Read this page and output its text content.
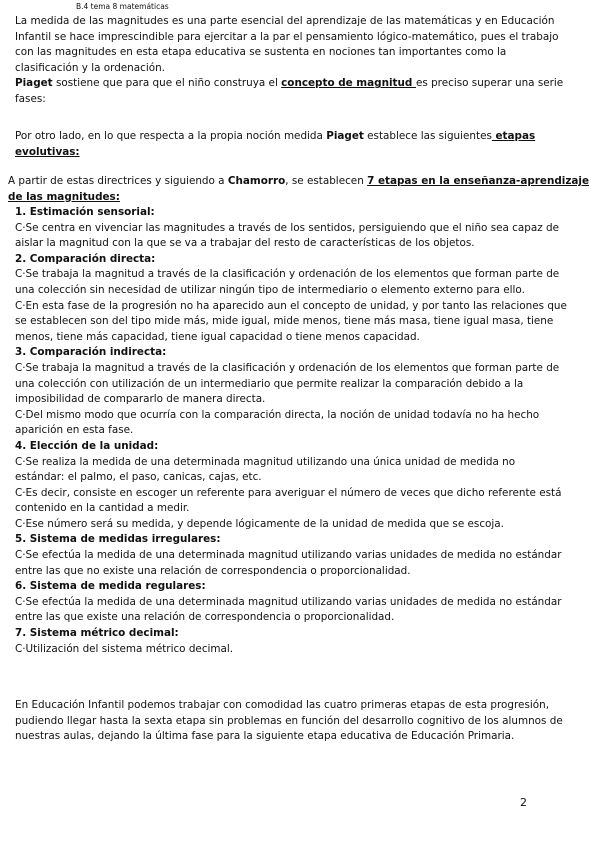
B.4 tema 8 matemáticas
La medida de las magnitudes es una parte esencial del aprendizaje de las matemáticas y en Educación
Infantil se hace imprescindible para ejercitar a la par el pensamiento lógico-matemático, pues el trabajo
con las magnitudes en esta etapa educativa se sustenta en nociones tan importantes como la
clasificación y la ordenación.
Piaget sostiene que para que el niño construya el concepto de magnitud es preciso superar una serie
fases:
Por otro lado, en lo que respecta a la propia noción medida Piaget establece las siguientes etapas
evolutivas:
A partir de estas directrices y siguiendo a Chamorro, se establecen 7 etapas en la enseñanza-aprendizaje
de las magnitudes:
1. Estimación sensorial:
C·Se centra en vivenciar las magnitudes a través de los sentidos, persiguiendo que el niño sea capaz de
aislar la magnitud con la que se va a trabajar del resto de características de los objetos.
2. Comparación directa:
C·Se trabaja la magnitud a través de la clasificación y ordenación de los elementos que forman parte de
una colección sin necesidad de utilizar ningún tipo de intermediario o elemento externo para ello.
C·En esta fase de la progresión no ha aparecido aun el concepto de unidad, y por tanto las relaciones que
se establecen son del tipo mide más, mide igual, mide menos, tiene más masa, tiene igual masa, tiene
menos, tiene más capacidad, tiene igual capacidad o tiene menos capacidad.
3. Comparación indirecta:
C·Se trabaja la magnitud a través de la clasificación y ordenación de los elementos que forman parte de
una colección con utilización de un intermediario que permite realizar la comparación debido a la
imposibilidad de compararlo de manera directa.
C·Del mismo modo que ocurría con la comparación directa, la noción de unidad todavía no ha hecho
aparición en esta fase.
4. Elección de la unidad:
C·Se realiza la medida de una determinada magnitud utilizando una única unidad de medida no
estándar: el palmo, el paso, canicas, cajas, etc.
C·Es decir, consiste en escoger un referente para averiguar el número de veces que dicho referente está
contenido en la cantidad a medir.
C·Ese número será su medida, y depende lógicamente de la unidad de medida que se escoja.
5. Sistema de medidas irregulares:
C·Se efectúa la medida de una determinada magnitud utilizando varias unidades de medida no estándar
entre las que no existe una relación de correspondencia o proporcionalidad.
6. Sistema de medida regulares:
C·Se efectúa la medida de una determinada magnitud utilizando varias unidades de medida no estándar
entre las que existe una relación de correspondencia o proporcionalidad.
7. Sistema métrico decimal:
C·Utilización del sistema métrico decimal.
En Educación Infantil podemos trabajar con comodidad las cuatro primeras etapas de esta progresión,
pudiendo llegar hasta la sexta etapa sin problemas en función del desarrollo cognitivo de los alumnos de
nuestras aulas, dejando la última fase para la siguiente etapa educativa de Educación Primaria.
2
